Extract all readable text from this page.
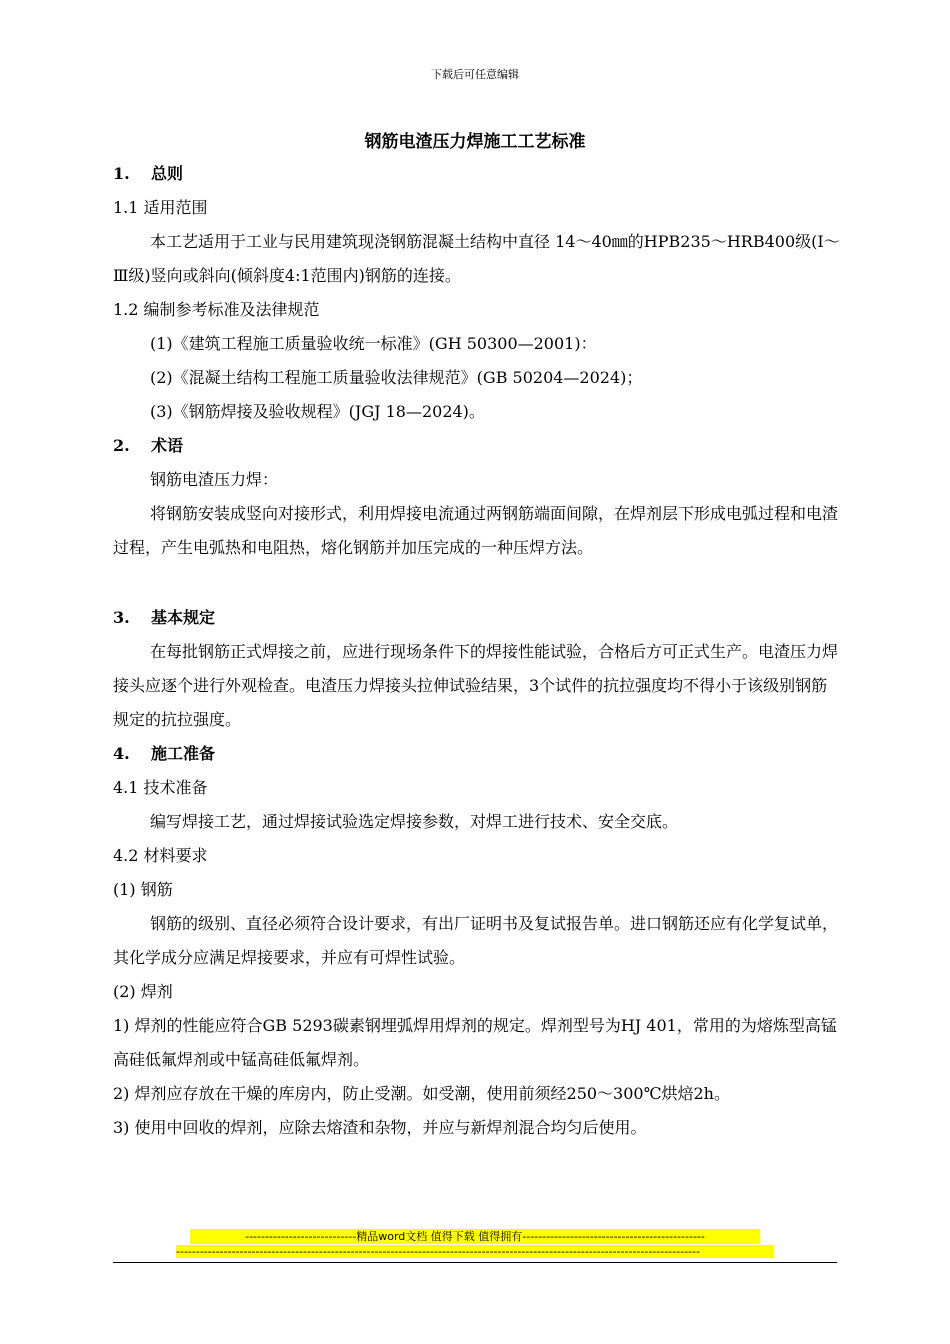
下载后可任意编辑
钢筋电渣压力焊施工工艺标准

1. 总则

1.1 适用范围

本工艺适用于工业与民用建筑现浇钢筋混凝土结构中直径 14～40㎜的HPB235～HRB400级(Ⅰ～Ⅲ级)竖向或斜向(倾斜度4:1范围内)钢筋的连接。

1.2 编制参考标准及法律规范

(1)《建筑工程施工质量验收统一标准》(GH 50300—2001)：

(2)《混凝土结构工程施工质量验收法律规范》(GB 50204—2024)；

(3)《钢筋焊接及验收规程》(JGJ 18—2024)。

2. 术语

钢筋电渣压力焊：

将钢筋安装成竖向对接形式，利用焊接电流通过两钢筋端面间隙，在焊剂层下形成电弧过程和电渣过程，产生电弧热和电阻热，熔化钢筋并加压完成的一种压焊方法。

3. 基本规定

在每批钢筋正式焊接之前，应进行现场条件下的焊接性能试验，合格后方可正式生产。电渣压力焊接头应逐个进行外观检查。电渣压力焊接头拉伸试验结果，3个试件的抗拉强度均不得小于该级别钢筋规定的抗拉强度。

4. 施工准备

4.1 技术准备

编写焊接工艺，通过焊接试验选定焊接参数，对焊工进行技术、安全交底。

4.2 材料要求

(1) 钢筋

钢筋的级别、直径必须符合设计要求，有出厂证明书及复试报告单。进口钢筋还应有化学复试单，其化学成分应满足焊接要求，并应有可焊性试验。

(2) 焊剂

1) 焊剂的性能应符合GB 5293碳素钢埋弧焊用焊剂的规定。焊剂型号为HJ 401，常用的为熔炼型高锰高硅低氟焊剂或中锰高硅低氟焊剂。

2) 焊剂应存放在干燥的库房内，防止受潮。如受潮，使用前须经250～300℃烘焙2h。

3) 使用中回收的焊剂，应除去熔渣和杂物，并应与新焊剂混合均匀后使用。

----------------------------精品word文档 值得下载 值得拥有----------------------------------------------
------------------------------------------------------------------------------------------------------------------------------------
